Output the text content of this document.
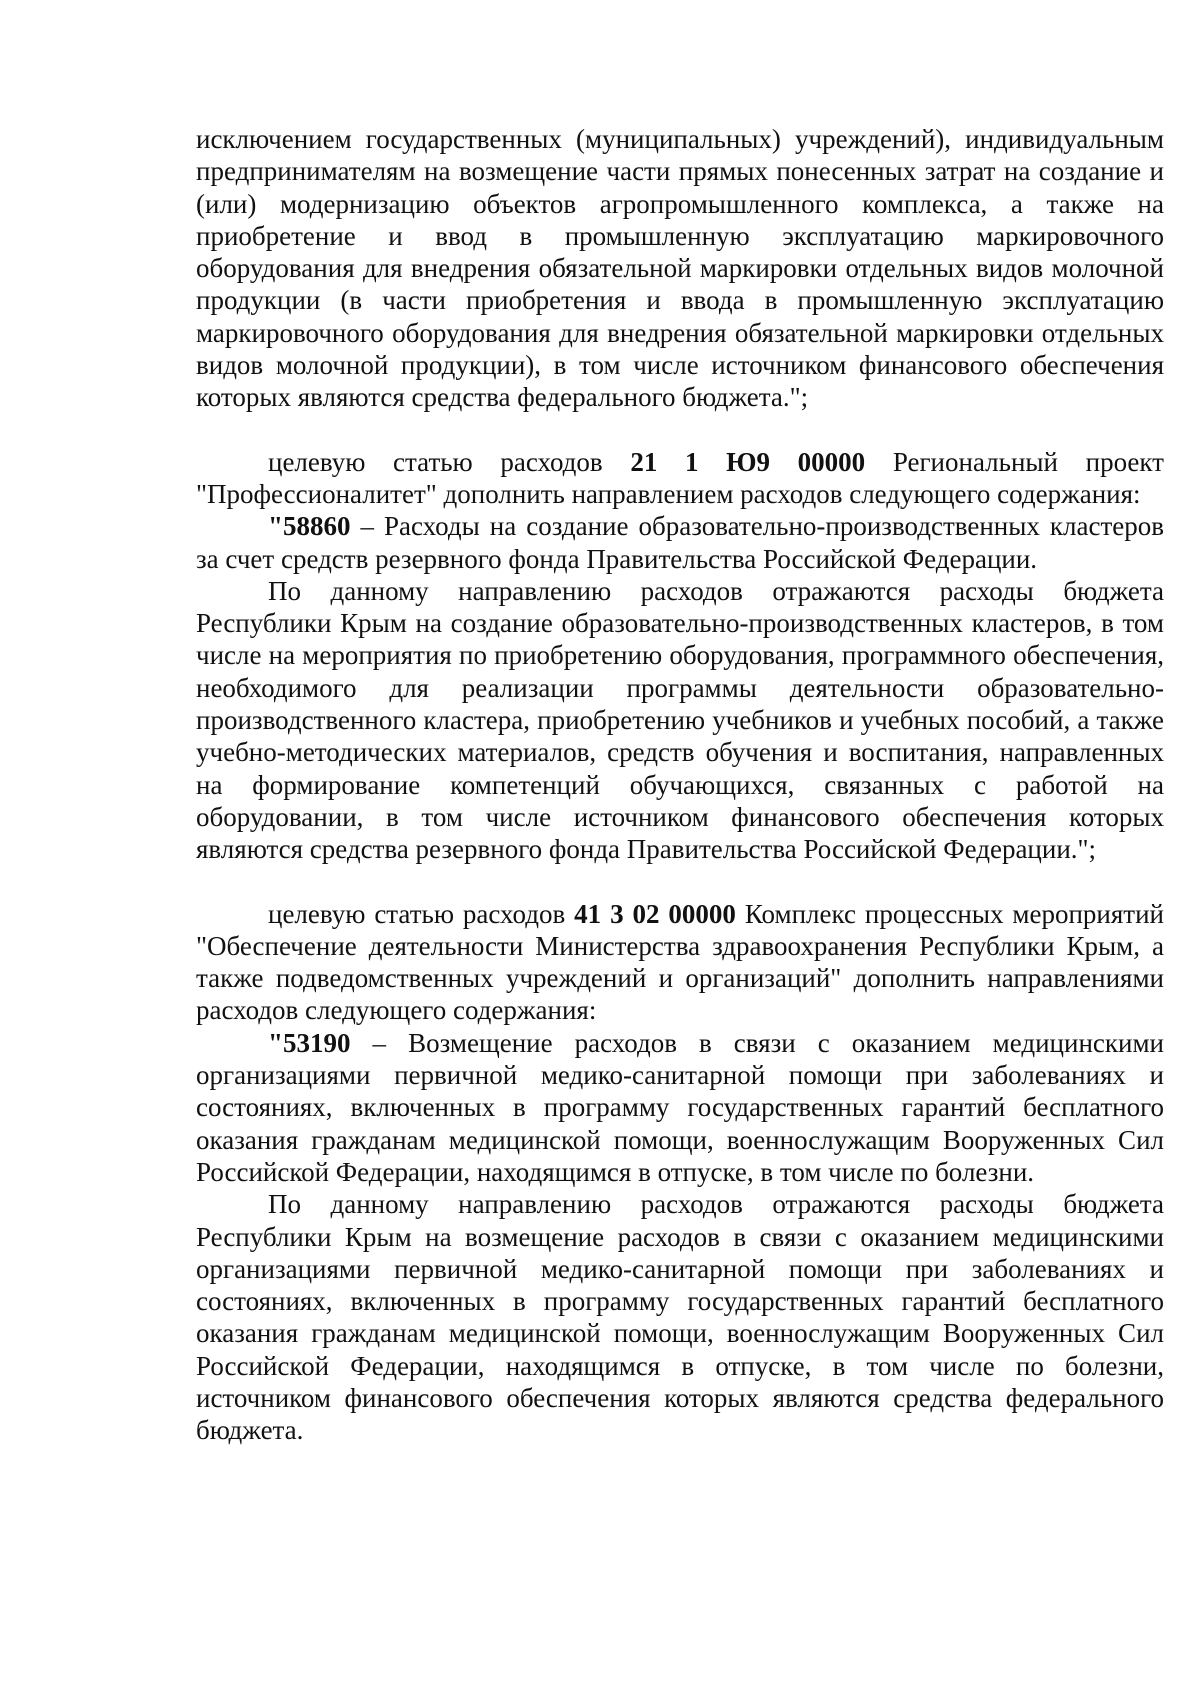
исключением государственных (муниципальных) учреждений), индивидуальным предпринимателям на возмещение части прямых понесенных затрат на создание и (или) модернизацию объектов агропромышленного комплекса, а также на приобретение и ввод в промышленную эксплуатацию маркировочного оборудования для внедрения обязательной маркировки отдельных видов молочной продукции (в части приобретения и ввода в промышленную эксплуатацию маркировочного оборудования для внедрения обязательной маркировки отдельных видов молочной продукции), в том числе источником финансового обеспечения которых являются средства федерального бюджета.";

целевую статью расходов 21 1 Ю9 00000 Региональный проект "Профессионалитет" дополнить направлением расходов следующего содержания:

"58860 – Расходы на создание образовательно-производственных кластеров за счет средств резервного фонда Правительства Российской Федерации.

По данному направлению расходов отражаются расходы бюджета Республики Крым на создание образовательно-производственных кластеров, в том числе на мероприятия по приобретению оборудования, программного обеспечения, необходимого для реализации программы деятельности образовательно-производственного кластера, приобретению учебников и учебных пособий, а также учебно-методических материалов, средств обучения и воспитания, направленных на формирование компетенций обучающихся, связанных с работой на оборудовании, в том числе источником финансового обеспечения которых являются средства резервного фонда Правительства Российской Федерации.";

целевую статью расходов 41 3 02 00000 Комплекс процессных мероприятий "Обеспечение деятельности Министерства здравоохранения Республики Крым, а также подведомственных учреждений и организаций" дополнить направлениями расходов следующего содержания:

"53190 – Возмещение расходов в связи с оказанием медицинскими организациями первичной медико-санитарной помощи при заболеваниях и состояниях, включенных в программу государственных гарантий бесплатного оказания гражданам медицинской помощи, военнослужащим Вооруженных Сил Российской Федерации, находящимся в отпуске, в том числе по болезни.

По данному направлению расходов отражаются расходы бюджета Республики Крым на возмещение расходов в связи с оказанием медицинскими организациями первичной медико-санитарной помощи при заболеваниях и состояниях, включенных в программу государственных гарантий бесплатного оказания гражданам медицинской помощи, военнослужащим Вооруженных Сил Российской Федерации, находящимся в отпуске, в том числе по болезни, источником финансового обеспечения которых являются средства федерального бюджета.
